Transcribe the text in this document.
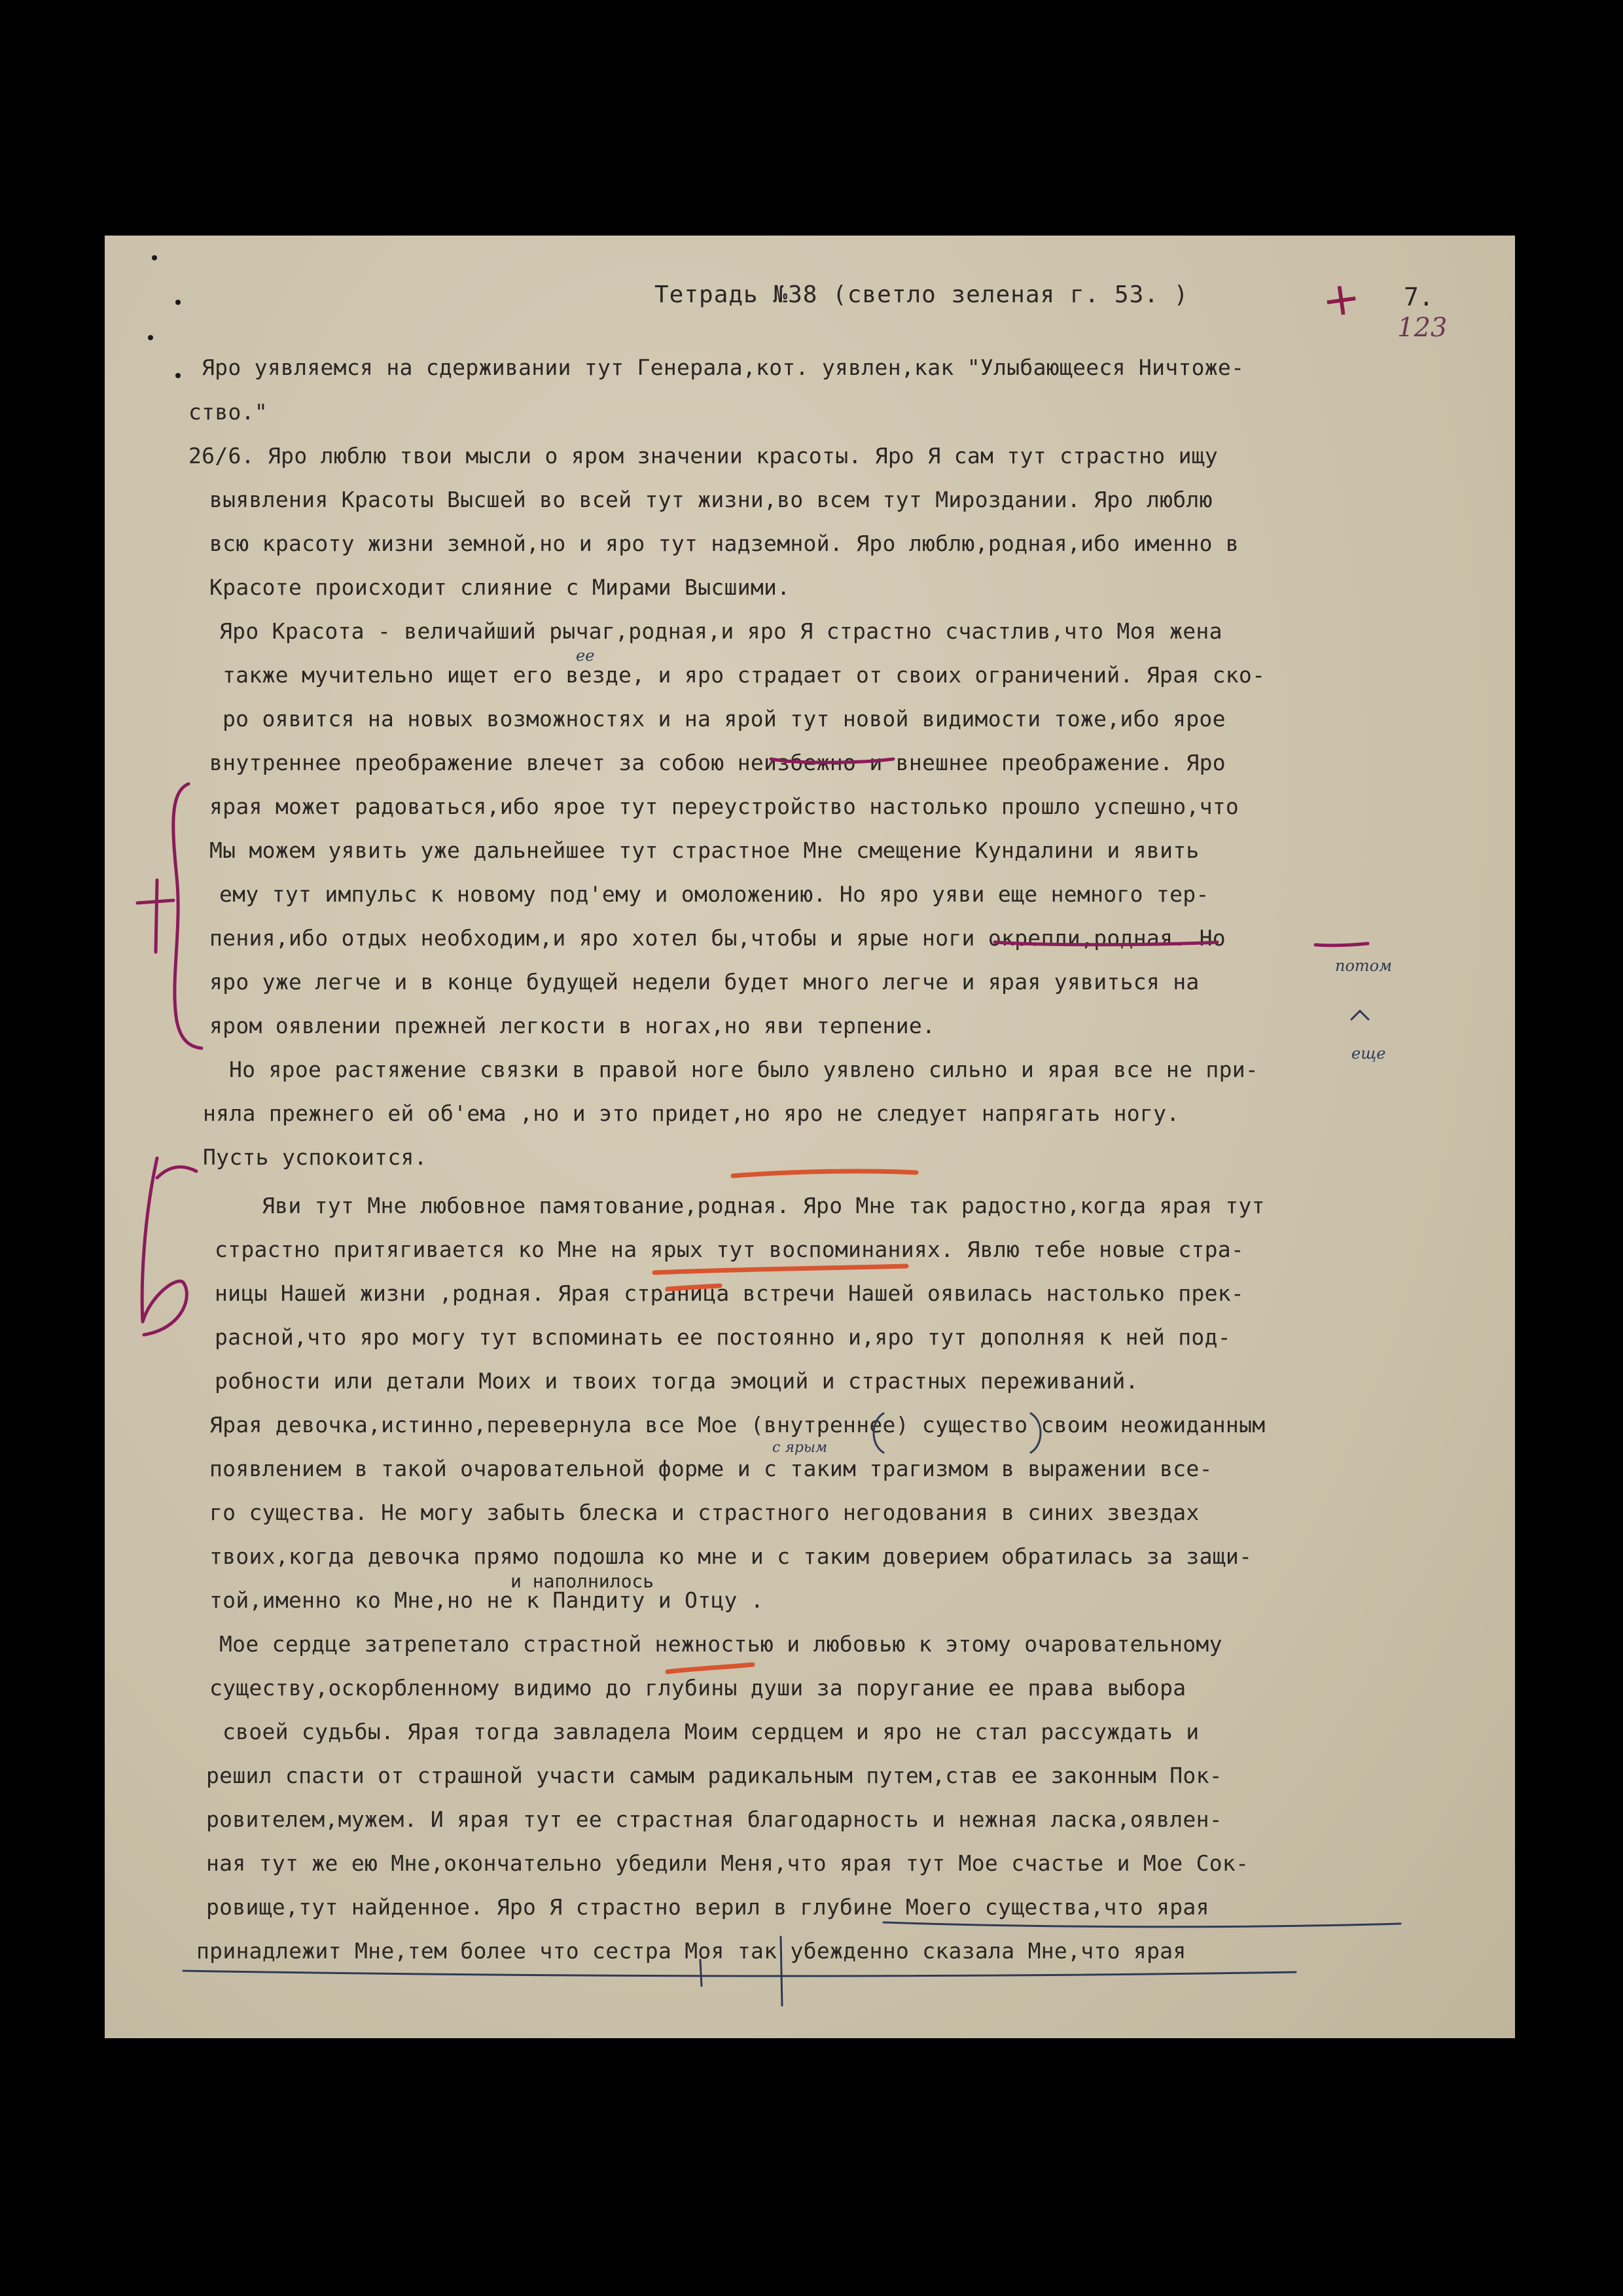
Тетрадь №38 (светло зеленая г. 53. )	+ 7.
123
Яро уявляемся на сдерживании тут Генерала,кот. уявлен,как "Улыбающееся Ничтоже-
ство."
26/6. Яро люблю твои мысли о яром значении красоты. Яро Я сам тут страстно ищу
выявления Красоты Высшей во всей тут жизни,во всем тут Мироздании. Яро люблю
всю красоту жизни земной,но и яро тут надземной. Яро люблю,родная,ибо именно в
Красоте происходит слияние с Мирами Высшими.
Яро Красота - величайший рычаг,родная,и яро Я страстно счастлив,что Моя жена
также мучительно ищет его везде, и яро страдает от своих ограничений. Ярая ско-
ро оявится на новых возможностях и на ярой тут новой видимости тоже,ибо ярое
внутреннее преображение влечет за собою неизбежно и внешнее преображение. Яро
ярая может радоваться,ибо ярое тут переустройство настолько прошло успешно,что
Мы можем уявить уже дальнейшее тут страстное Мне смещение Кундалини и явить
ему тут импульс к новому под'ему и омоложению. Но яро уяви еще немного тер-
пения,ибо отдых необходим,и яро хотел бы,чтобы и ярые ноги окрепли,родная. Но
яро уже легче и в конце будущей недели будет много легче и ярая уявиться на
яром оявлении прежней легкости в ногах,но яви терпение.
Но ярое растяжение связки в правой ноге было уявлено сильно и ярая все не при-
няла прежнего ей об'ема ,но и это придет,но яро не следует напрягать ногу.
Пусть успокоится.
Яви тут Мне любовное памятование,родная. Яро Мне так радостно,когда ярая тут
страстно притягивается ко Мне на ярых тут воспоминаниях. Явлю тебе новые стра-
ницы Нашей жизни ,родная. Ярая страница встречи Нашей оявилась настолько прек-
расной,что яро могу тут вспоминать ее постоянно и,яро тут дополняя к ней под-
робности или детали Моих и твоих тогда эмоций и страстных переживаний.
Ярая девочка,истинно,перевернула все Мое (внутреннее) существо своим неожиданным
появлением в такой очаровательной форме и с таким трагизмом в выражении все-
го существа. Не могу забыть блеска и страстного негодования в синих звездах
твоих,когда девочка прямо подошла ко мне и с таким доверием обратилась за защи-
той,именно ко Мне,но не к Пандиту и Отцу .
Мое сердце затрепетало страстной нежностью и любовью к этому очаровательному
существу,оскорбленному видимо до глубины души за поругание ее права выбора
своей судьбы. Ярая тогда завладела Моим сердцем и яро не стал рассуждать и
решил спасти от страшной участи самым радикальным путем,став ее законным Пок-
ровителем,мужем. И ярая тут ее страстная благодарность и нежная ласка,оявлен-
ная тут же ею Мне,окончательно убедили Меня,что ярая тут Мое счастье и Мое Сок-
ровище,тут найденное. Яро Я страстно верил в глубине Моего существа,что ярая
принадлежит Мне,тем более что сестра Моя так убежденно сказала Мне,что ярая
ее
потом
еще
с ярым
и наполнилось
